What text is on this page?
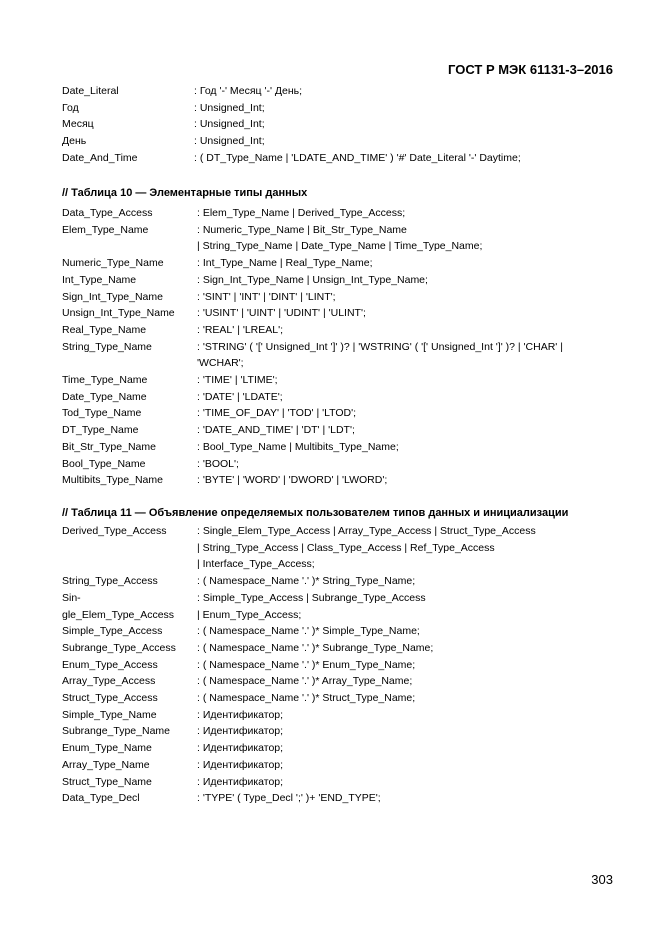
ГОСТ Р МЭК 61131-3–2016
Date_Literal	: Год '-' Месяц '-' День;
Год	: Unsigned_Int;
Месяц	: Unsigned_Int;
День	: Unsigned_Int;
Date_And_Time	: ( DT_Type_Name | 'LDATE_AND_TIME' ) '#' Date_Literal '-' Daytime;
// Таблица 10 — Элементарные типы данных
Data_Type_Access	: Elem_Type_Name | Derived_Type_Access;
Elem_Type_Name	: Numeric_Type_Name | Bit_Str_Type_Name
| String_Type_Name | Date_Type_Name | Time_Type_Name;
Numeric_Type_Name	: Int_Type_Name | Real_Type_Name;
Int_Type_Name	: Sign_Int_Type_Name | Unsign_Int_Type_Name;
Sign_Int_Type_Name	: 'SINT' | 'INT' | 'DINT' | 'LINT';
Unsign_Int_Type_Name	: 'USINT' | 'UINT' | 'UDINT' | 'ULINT';
Real_Type_Name	: 'REAL' | 'LREAL';
String_Type_Name	: 'STRING' ( '[' Unsigned_Int ']' )? | 'WSTRING' ( '[' Unsigned_Int ']' )? | 'CHAR' |
'WCHAR';
Time_Type_Name	: 'TIME' | 'LTIME';
Date_Type_Name	: 'DATE' | 'LDATE';
Tod_Type_Name	: 'TIME_OF_DAY' | 'TOD' | 'LTOD';
DT_Type_Name	: 'DATE_AND_TIME' | 'DT' | 'LDT';
Bit_Str_Type_Name	: Bool_Type_Name | Multibits_Type_Name;
Bool_Type_Name	: 'BOOL';
Multibits_Type_Name	: 'BYTE' | 'WORD' | 'DWORD' | 'LWORD';
// Таблица 11 — Объявление определяемых пользователем типов данных и инициализации
Derived_Type_Access	: Single_Elem_Type_Access | Array_Type_Access | Struct_Type_Access
| String_Type_Access | Class_Type_Access | Ref_Type_Access
| Interface_Type_Access;
String_Type_Access	: ( Namespace_Name '.' )* String_Type_Name;
Sin-	: Simple_Type_Access | Subrange_Type_Access
gle_Elem_Type_Access	| Enum_Type_Access;
Simple_Type_Access	: ( Namespace_Name '.' )* Simple_Type_Name;
Subrange_Type_Access	: ( Namespace_Name '.' )* Subrange_Type_Name;
Enum_Type_Access	: ( Namespace_Name '.' )* Enum_Type_Name;
Array_Type_Access	: ( Namespace_Name '.' )* Array_Type_Name;
Struct_Type_Access	: ( Namespace_Name '.' )* Struct_Type_Name;
Simple_Type_Name	: Идентификатор;
Subrange_Type_Name	: Идентификатор;
Enum_Type_Name	: Идентификатор;
Array_Type_Name	: Идентификатор;
Struct_Type_Name	: Идентификатор;
Data_Type_Decl	: 'TYPE' ( Type_Decl ';' )+ 'END_TYPE';
303
